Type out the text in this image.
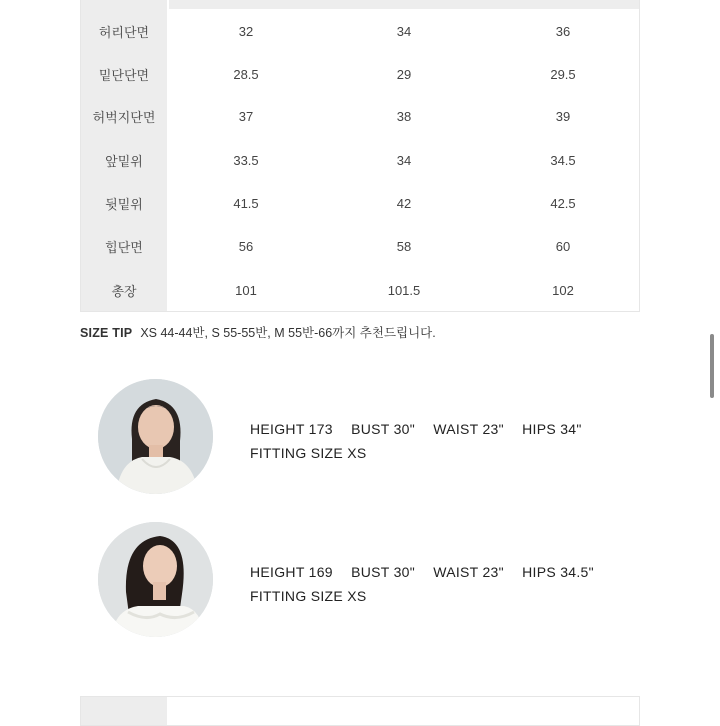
허리단면	32	34	36
밑단단면	28.5	29	29.5
허벅지단면	37	38	39
앞밑위	33.5	34	34.5
뒷밑위	41.5	42	42.5
힙단면	56	58	60
총장	101	101.5	102
SIZE TIP XS 44-44반, S 55-55반, M 55반-66까지 추천드립니다.
HEIGHT 173 BUST 30" WAIST 23" HIPS 34"
FITTING SIZE XS
HEIGHT 169 BUST 30" WAIST 23" HIPS 34.5"
FITTING SIZE XS
